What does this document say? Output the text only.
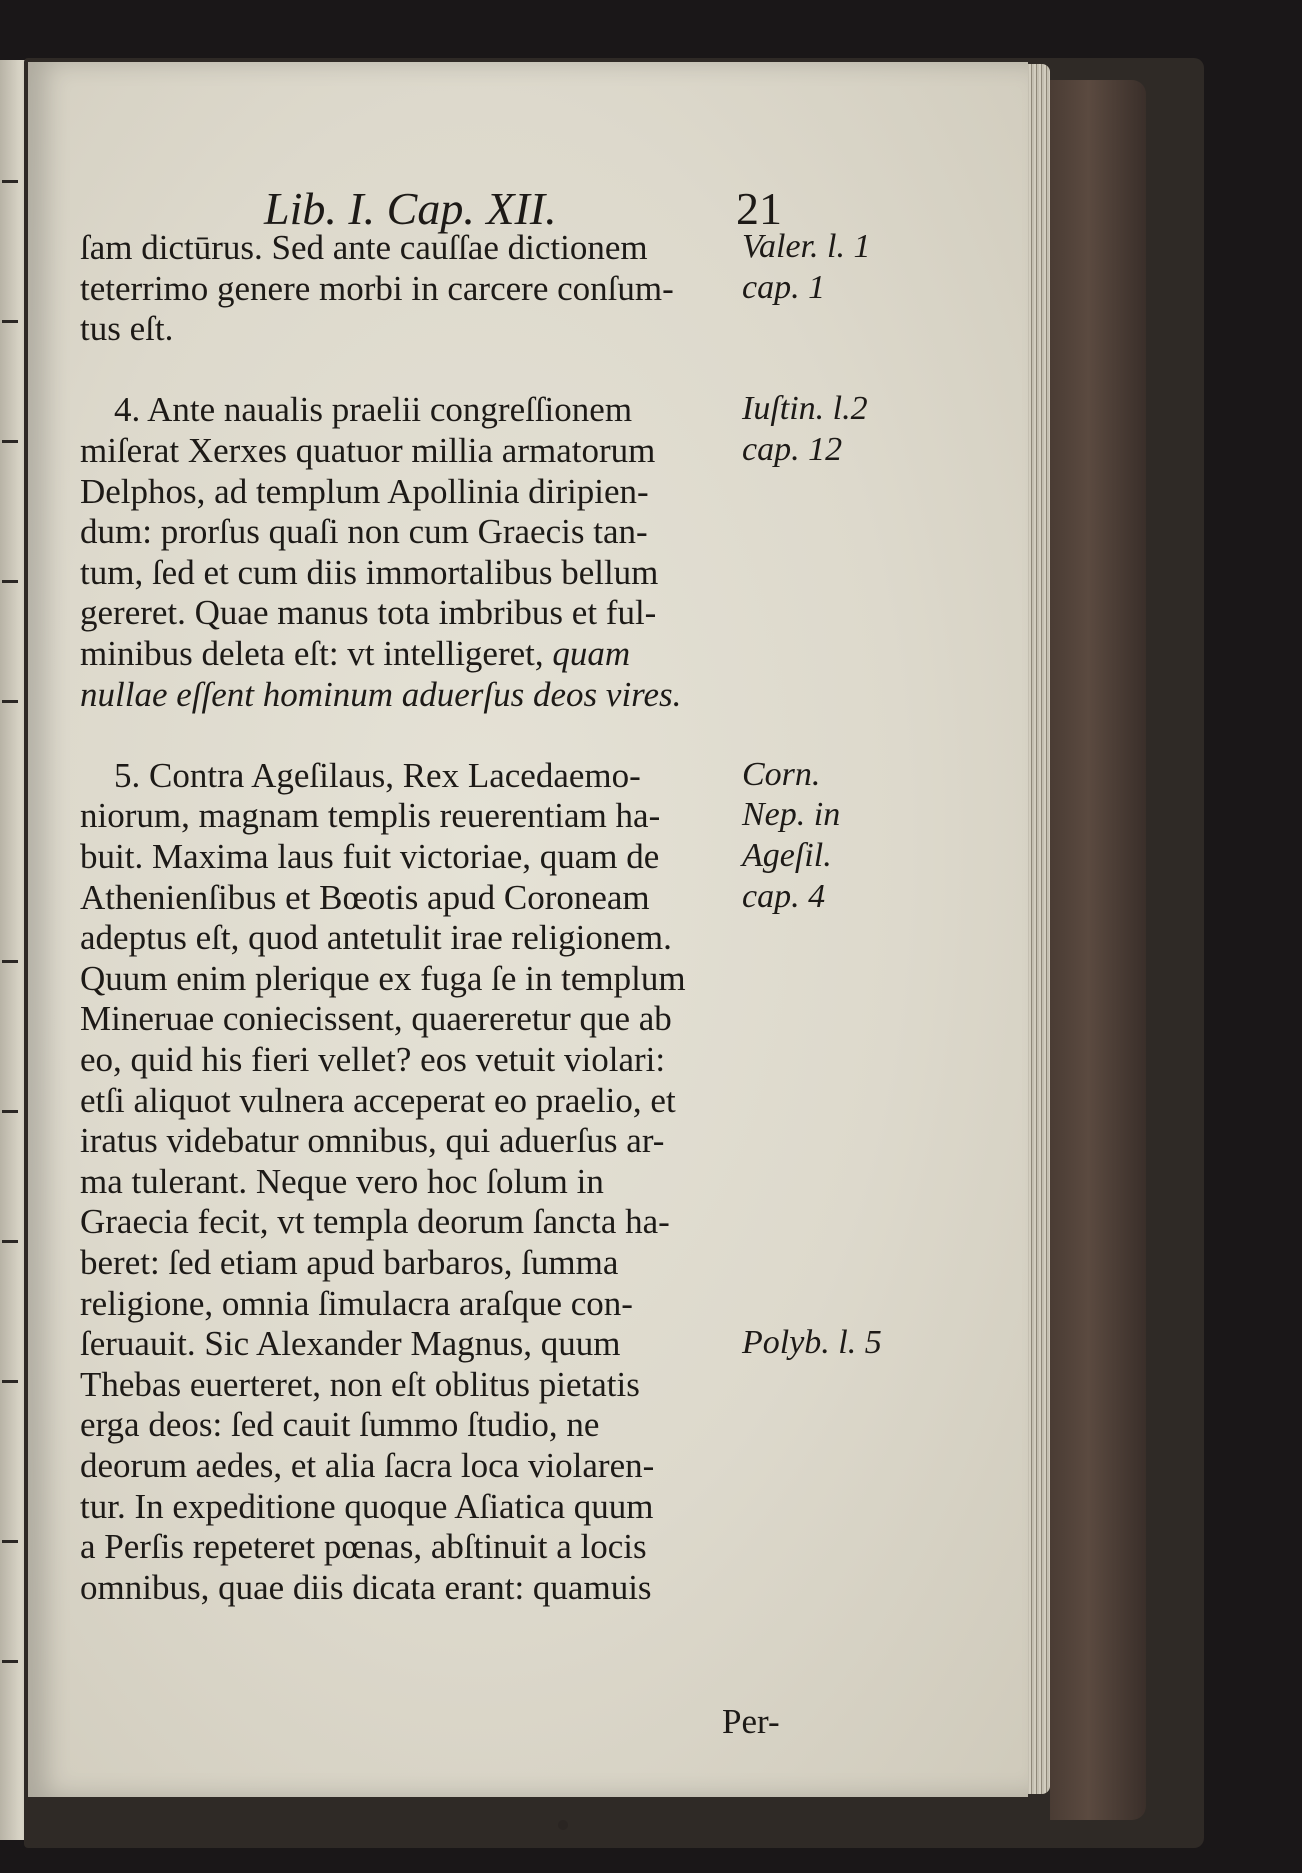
Lib. I. Cap. XII.	21
ſam dictūrus. Sed ante cauſſae dictionem
teterrimo genere morbi in carcere conſum-
tus eſt.
4. Ante naualis praelii congreſſionem
miſerat Xerxes quatuor millia armatorum
Delphos, ad templum Apollinia diripien-
dum: prorſus quaſi non cum Graecis tan-
tum, ſed et cum diis immortalibus bellum
gereret. Quae manus tota imbribus et ful-
minibus deleta eſt: vt intelligeret, quam
nullae eſſent hominum aduerſus deos vires.
5. Contra Ageſilaus, Rex Lacedaemo-
niorum, magnam templis reuerentiam ha-
buit. Maxima laus fuit victoriae, quam de
Athenienſibus et Bœotis apud Coroneam
adeptus eſt, quod antetulit irae religionem.
Quum enim plerique ex fuga ſe in templum
Mineruae coniecissent, quaereretur que ab
eo, quid his fieri vellet? eos vetuit violari:
etſi aliquot vulnera acceperat eo praelio, et
iratus videbatur omnibus, qui aduerſus ar-
ma tulerant. Neque vero hoc ſolum in
Graecia fecit, vt templa deorum ſancta ha-
beret: ſed etiam apud barbaros, ſumma
religione, omnia ſimulacra araſque con-
ſeruauit. Sic Alexander Magnus, quum
Thebas euerteret, non eſt oblitus pietatis
erga deos: ſed cauit ſummo ſtudio, ne
deorum aedes, et alia ſacra loca violaren-
tur. In expeditione quoque Aſiatica quum
a Perſis repeteret pœnas, abſtinuit a locis
omnibus, quae diis dicata erant: quamuis
Valer. l. 1
cap. 1
Iuſtin. l.2
cap. 12
Corn.
Nep. in
Ageſil.
cap. 4
Polyb. l. 5
Per-
